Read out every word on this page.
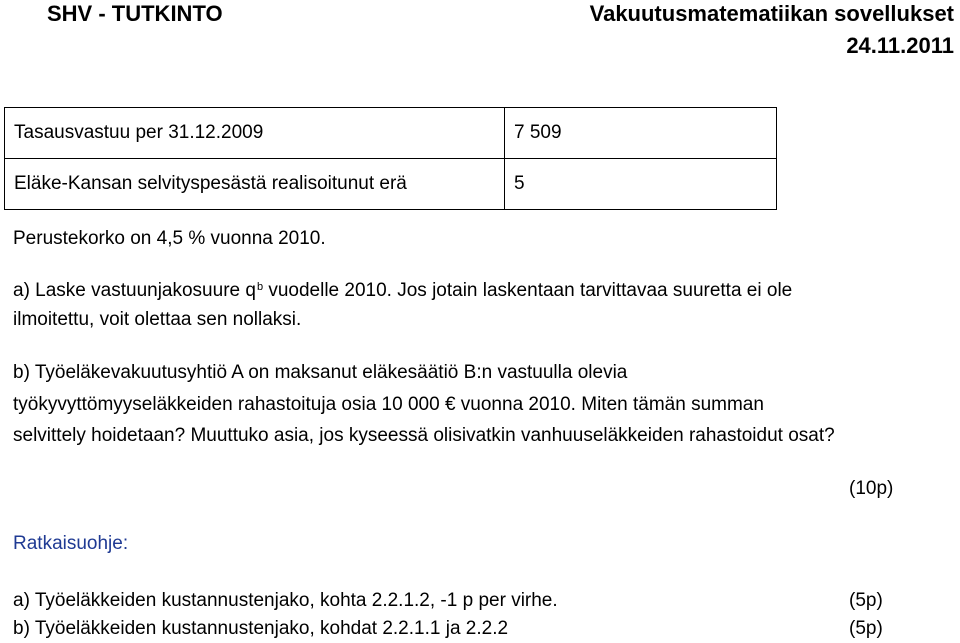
SHV - TUTKINTO	Vakuutusmatematiikan sovellukset
24.11.2011
Tasausvastuu per 31.12.2009	7 509
Eläke-Kansan selvityspesästä realisoitunut erä	5
Perustekorko on 4,5 % vuonna 2010.
a) Laske vastuunjakosuure $q^b$ vuodelle 2010. Jos jotain laskentaan tarvittavaa suuretta ei ole
ilmoitettu, voit olettaa sen nollaksi.
b) Työeläkevakuutusyhtiö A on maksanut eläkesäätiö B:n vastuulla olevia
työkyvyttömyyseläkkeiden rahastoituja osia 10 000 € vuonna 2010. Miten tämän summan
selvittely hoidetaan? Muuttuko asia, jos kyseessä olisivatkin vanhuuseläkkeiden rahastoidut osat?
(10p)
Ratkaisuohje:
a) Työeläkkeiden kustannustenjako, kohta 2.2.1.2, -1 p per virhe.	(5p)
b) Työeläkkeiden kustannustenjako, kohdat 2.2.1.1 ja 2.2.2	(5p)
